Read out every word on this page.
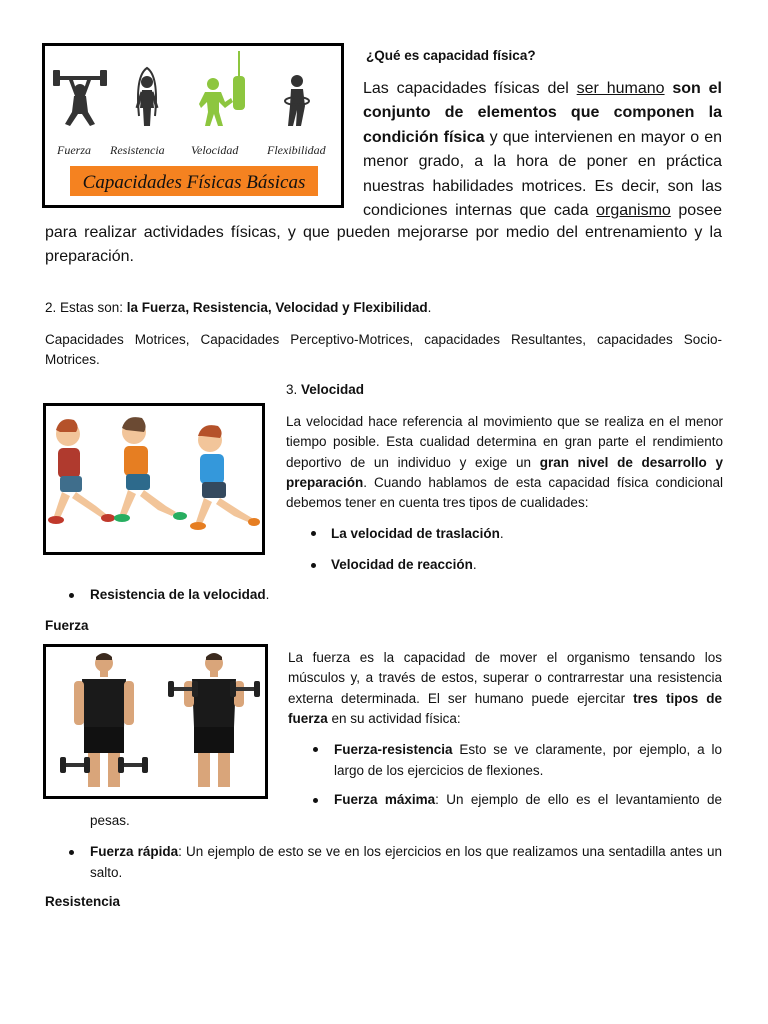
Fuerza Resistencia Velocidad Flexibilidad
Capacidades Físicas Básicas
¿Qué es capacidad física?
Las capacidades físicas del ser humano son el
conjunto de elementos que componen la
condición física y que intervienen en mayor o en
menor grado, a la hora de poner en práctica
nuestras habilidades motrices. Es decir, son las
condiciones internas que cada organismo posee
para realizar actividades físicas, y que pueden mejorarse por medio del entrenamiento y la
preparación.
2. Estas son: la Fuerza, Resistencia, Velocidad y Flexibilidad.
Capacidades Motrices, Capacidades Perceptivo-Motrices, capacidades Resultantes, capacidades Socio-
Motrices.
3. Velocidad
La velocidad hace referencia al movimiento que se realiza en el menor
tiempo posible. Esta cualidad determina en gran parte el rendimiento
deportivo de un individuo y exige un gran nivel de desarrollo y
preparación. Cuando hablamos de esta capacidad física condicional
debemos tener en cuenta tres tipos de cualidades:
La velocidad de traslación.
Velocidad de reacción.
Resistencia de la velocidad.
Fuerza
La fuerza es la capacidad de mover el organismo tensando los
músculos y, a través de estos, superar o contrarrestar una resistencia
externa determinada. El ser humano puede ejercitar tres tipos de
fuerza en su actividad física:
Fuerza-resistencia Esto se ve claramente, por ejemplo, a lo
largo de los ejercicios de flexiones.
Fuerza máxima: Un ejemplo de ello es el levantamiento de
pesas.
Fuerza rápida: Un ejemplo de esto se ve en los ejercicios en los que realizamos una sentadilla antes un
salto.
Resistencia
